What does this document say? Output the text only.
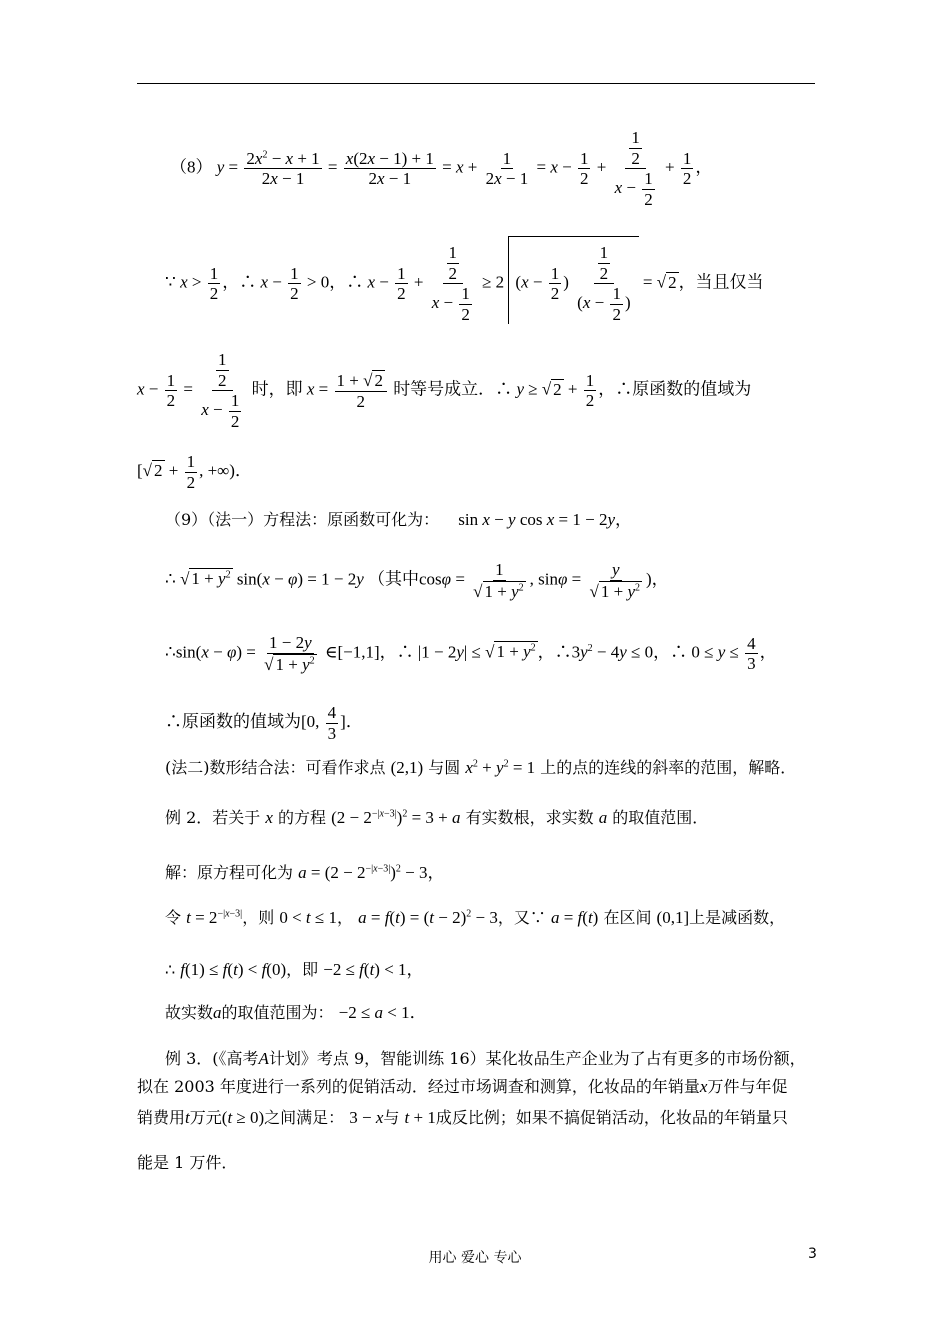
（8） $y = \frac{2x^2 - x + 1}{2x - 1} = \frac{x(2x - 1) + 1}{2x - 1} = x + \frac{1}{2x - 1} = x - \frac{1}{2} + \frac{\frac{1}{2}}{x - \frac{1}{2}} + \frac{1}{2}$ ，
∵ $x > \frac{1}{2}$ ，∴ $x - \frac{1}{2} > 0$，∴ $x - \frac{1}{2} + \frac{\frac{1}{2}}{x - \frac{1}{2}} \ge 2$ ($x - \frac{1}{2}$ ) $\frac{\frac{1}{2}}{(x - \frac{1}{2} )}$ = √ 2 ，当且仅当
$x - \frac{1}{2} = \frac{\frac{1}{2}}{x - \frac{1}{2}}$ 时，即 $x = \frac{1 + √ 2}{2}$ 时等号成立．∴ y ≥ √ $2 + \frac{1}{2}$ ，∴原函数的值域为
[√ $2 + \frac{1}{2}$ , +∞)．
（9）（法一）方程法：原函数可化为： sin x − y cos x = 1 − 2y，
∴ √ $1 + y^2$ sin(x − φ) = 1 − 2y （其中$\cos\varphi = \frac{1}{√ 1 + y^2}$ , $\sin\varphi = \frac{y}{√ 1 + y^2}$ )，
∴sin(x − $\varphi) = \frac{1 - 2y}{√ 1 + y^2}$ ∈[−1,1]，∴ |1 − 2y| ≤ √ $1 + y^2$ ，$\therefore 3y^2 - 4y \le 0$，∴ $0 \le y \le \frac{4}{3}$ ，
∴原函数的值域为[0, $\frac{4}{3}$ ]．
(法二)数形结合法：可看作求点 (2,1) 与圆 $x^2 + y^2 = 1$ 上的点的连线的斜率的范围，解略．
例 2．若关于 x 的方程 $(2 - 2^{-|x-3|})^2 = 3 + a$ 有实数根，求实数 a 的取值范围．
解：原方程可化为 $a = (2 - 2^{-|x-3|})^2 - 3$，
令 $t = 2^{-|x-3|}$，则 0 < t ≤ 1， $a = f(t) = (t - 2)^2 - 3$，又∵ a = f(t) 在区间 (0,1]上是减函数，
∴ f(1) ≤ f(t) < f(0)，即 −2 ≤ f(t) < 1，
故实数a的取值范围为： −2 ≤ a < 1．
例 3．(《高考A计划》考点 9，智能训练 16）某化妆品生产企业为了占有更多的市场份额，
拟在 2003 年度进行一系列的促销活动．经过市场调查和测算，化妆品的年销量x万件与年促
销费用t万元(t ≥ 0)之间满足： 3 − x与 t + 1成反比例；如果不搞促销活动，化妆品的年销量只
能是 1 万件．
用心 爱心 专心	3
